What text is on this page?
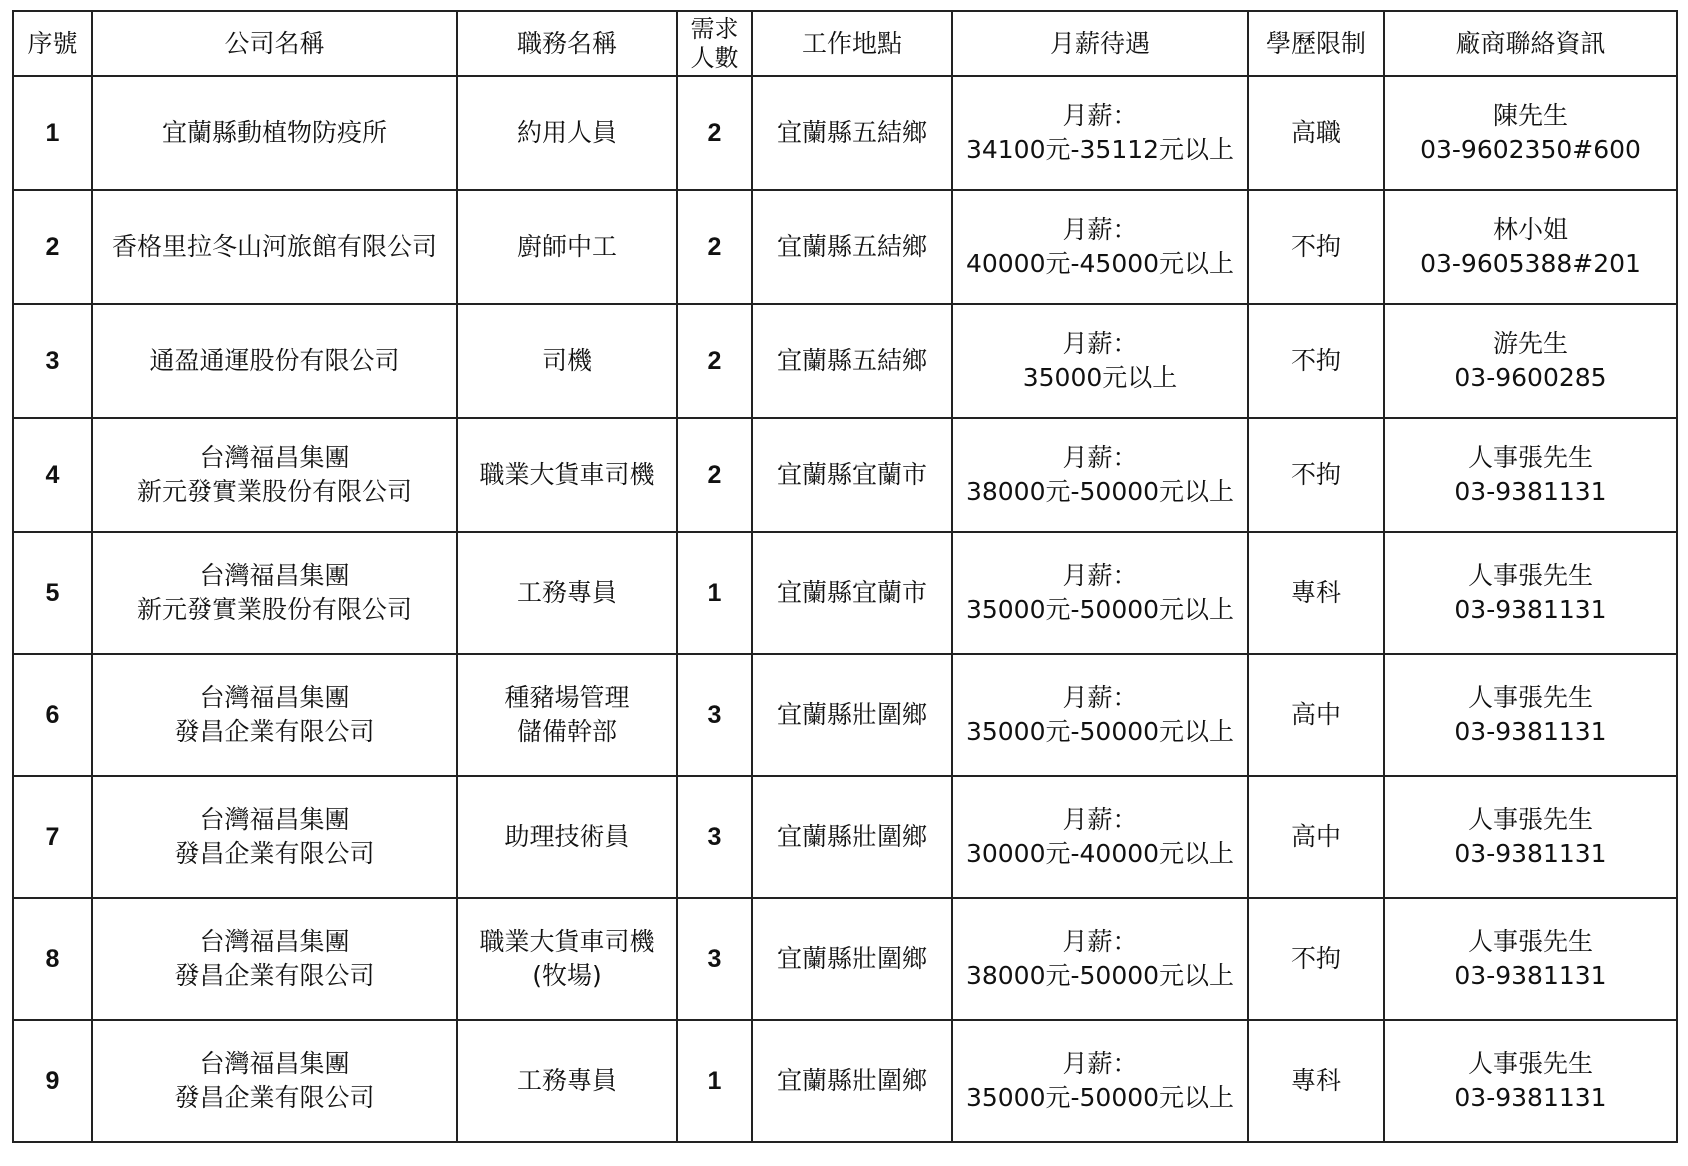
序號	公司名稱	職務名稱	需求 人數	工作地點	月薪待遇	學歷限制	廠商聯絡資訊
1	宜蘭縣動植物防疫所	約用人員	2	宜蘭縣五結鄉	月薪：
34100元-35112元以上	高職	陳先生
03-9602350#600

2	香格里拉冬山河旅館有限公司	廚師中工	2	宜蘭縣五結鄉	月薪：
40000元-45000元以上	不拘	林小姐
03-9605388#201

3	通盈通運股份有限公司	司機	2	宜蘭縣五結鄉	月薪：
35000元以上	不拘	游先生
03-9600285

4	台灣福昌集團
新元發實業股份有限公司	職業大貨車司機	2	宜蘭縣宜蘭市	月薪：
38000元-50000元以上	不拘	人事張先生
03-9381131

5	台灣福昌集團
新元發實業股份有限公司	工務專員	1	宜蘭縣宜蘭市	月薪：
35000元-50000元以上	專科	人事張先生
03-9381131

6	台灣福昌集團
發昌企業有限公司	種豬場管理
儲備幹部	3	宜蘭縣壯圍鄉	月薪：
35000元-50000元以上	高中	人事張先生
03-9381131

7	台灣福昌集團
發昌企業有限公司	助理技術員	3	宜蘭縣壯圍鄉	月薪：
30000元-40000元以上	高中	人事張先生
03-9381131

8	台灣福昌集團
發昌企業有限公司	職業大貨車司機
(牧場)	3	宜蘭縣壯圍鄉	月薪：
38000元-50000元以上	不拘	人事張先生
03-9381131

9	台灣福昌集團
發昌企業有限公司	工務專員	1	宜蘭縣壯圍鄉	月薪：
35000元-50000元以上	專科	人事張先生
03-9381131
